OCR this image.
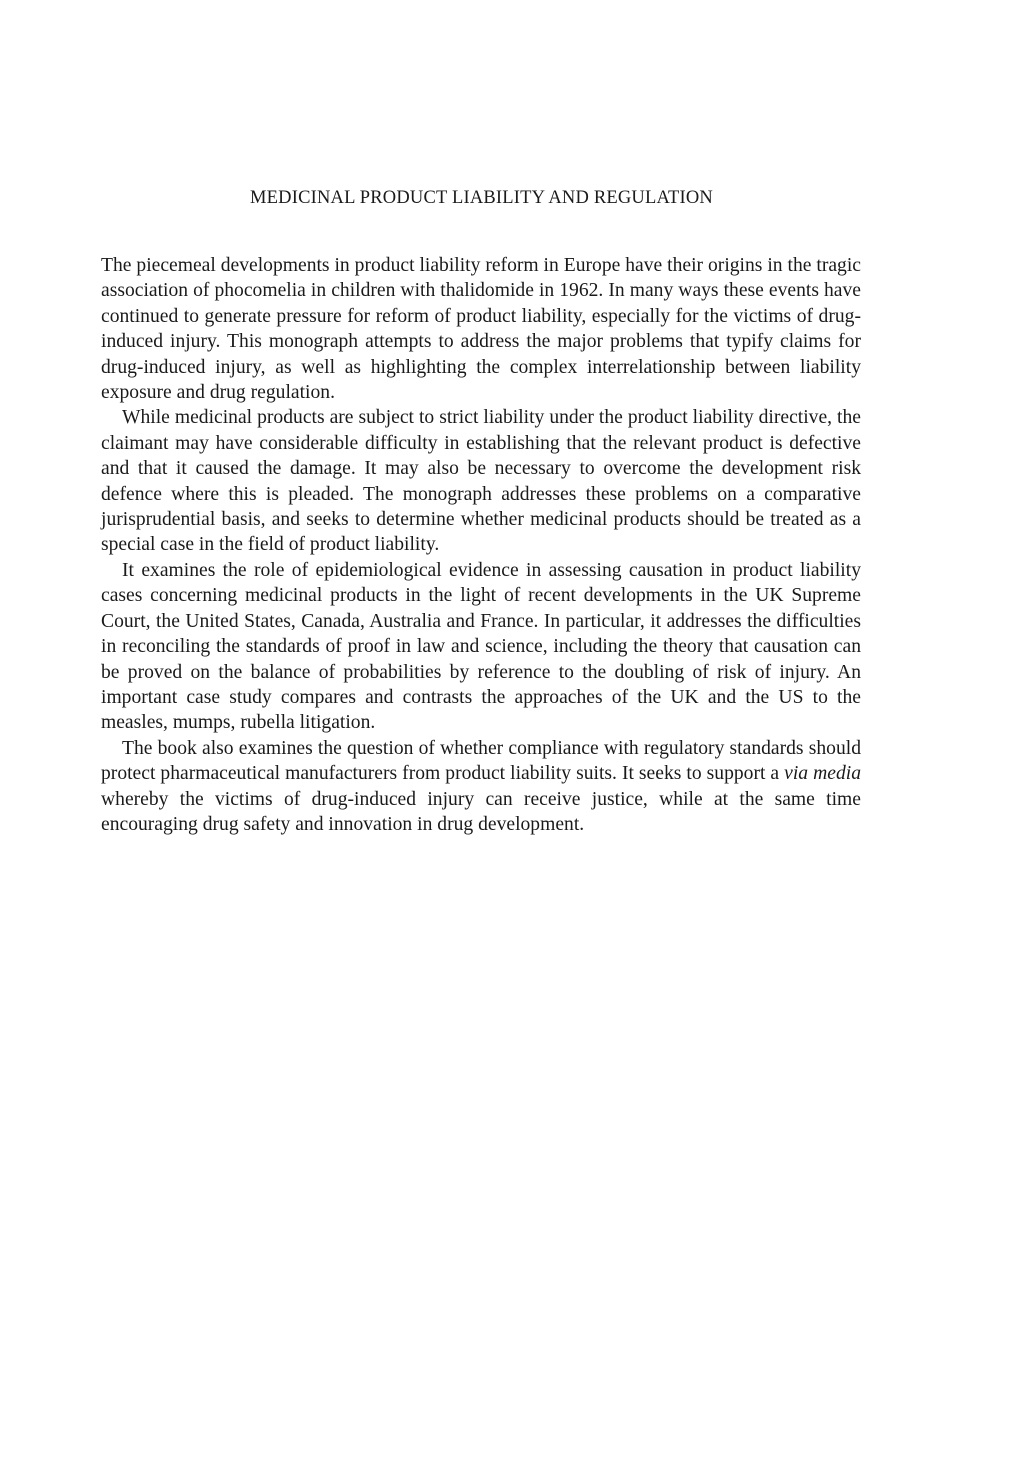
MEDICINAL PRODUCT LIABILITY AND REGULATION

The piecemeal developments in product liability reform in Europe have their origins in the tragic association of phocomelia in children with thalidomide in 1962. In many ways these events have continued to generate pressure for reform of product liability, especially for the victims of drug-induced injury. This monograph attempts to address the major problems that typify claims for drug-induced injury, as well as highlighting the complex interrelationship between liability exposure and drug regulation.

While medicinal products are subject to strict liability under the product liability directive, the claimant may have considerable difficulty in establishing that the relevant product is defective and that it caused the damage. It may also be necessary to overcome the development risk defence where this is pleaded. The monograph addresses these problems on a comparative jurisprudential basis, and seeks to determine whether medicinal products should be treated as a special case in the field of product liability.

It examines the role of epidemiological evidence in assessing causation in product liability cases concerning medicinal products in the light of recent developments in the UK Supreme Court, the United States, Canada, Australia and France. In particular, it addresses the difficulties in reconciling the standards of proof in law and science, including the theory that causation can be proved on the balance of probabilities by reference to the doubling of risk of injury. An important case study compares and contrasts the approaches of the UK and the US to the measles, mumps, rubella litigation.

The book also examines the question of whether compliance with regulatory standards should protect pharmaceutical manufacturers from product liability suits. It seeks to support a via media whereby the victims of drug-induced injury can receive justice, while at the same time encouraging drug safety and innovation in drug development.
